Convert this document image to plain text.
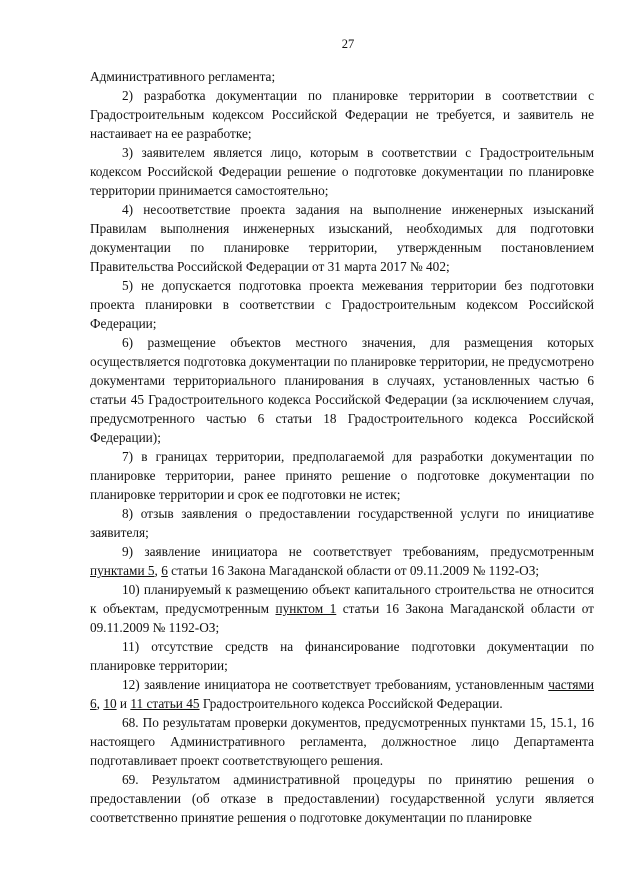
27

Административного регламента;

2) разработка документации по планировке территории в соответствии с Градостроительным кодексом Российской Федерации не требуется, и заявитель не настаивает на ее разработке;

3) заявителем является лицо, которым в соответствии с Градостроительным кодексом Российской Федерации решение о подготовке документации по планировке территории принимается самостоятельно;

4) несоответствие проекта задания на выполнение инженерных изысканий Правилам выполнения инженерных изысканий, необходимых для подготовки документации по планировке территории, утвержденным постановлением Правительства Российской Федерации от 31 марта 2017 № 402;

5) не допускается подготовка проекта межевания территории без подготовки проекта планировки в соответствии с Градостроительным кодексом Российской Федерации;

6) размещение объектов местного значения, для размещения которых осуществляется подготовка документации по планировке территории, не предусмотрено документами территориального планирования в случаях, установленных частью 6 статьи 45 Градостроительного кодекса Российской Федерации (за исключением случая, предусмотренного частью 6 статьи 18 Градостроительного кодекса Российской Федерации);

7) в границах территории, предполагаемой для разработки документации по планировке территории, ранее принято решение о подготовке документации по планировке территории и срок ее подготовки не истек;

8) отзыв заявления о предоставлении государственной услуги по инициативе заявителя;

9) заявление инициатора не соответствует требованиям, предусмотренным пунктами 5, 6 статьи 16 Закона Магаданской области от 09.11.2009 № 1192-ОЗ;

10) планируемый к размещению объект капитального строительства не относится к объектам, предусмотренным пунктом 1 статьи 16 Закона Магаданской области от 09.11.2009 № 1192-ОЗ;

11) отсутствие средств на финансирование подготовки документации по планировке территории;

12) заявление инициатора не соответствует требованиям, установленным частями 6, 10 и 11 статьи 45 Градостроительного кодекса Российской Федерации.

68. По результатам проверки документов, предусмотренных пунктами 15, 15.1, 16 настоящего Административного регламента, должностное лицо Департамента подготавливает проект соответствующего решения.

69. Результатом административной процедуры по принятию решения о предоставлении (об отказе в предоставлении) государственной услуги является соответственно принятие решения о подготовке документации по планировке
